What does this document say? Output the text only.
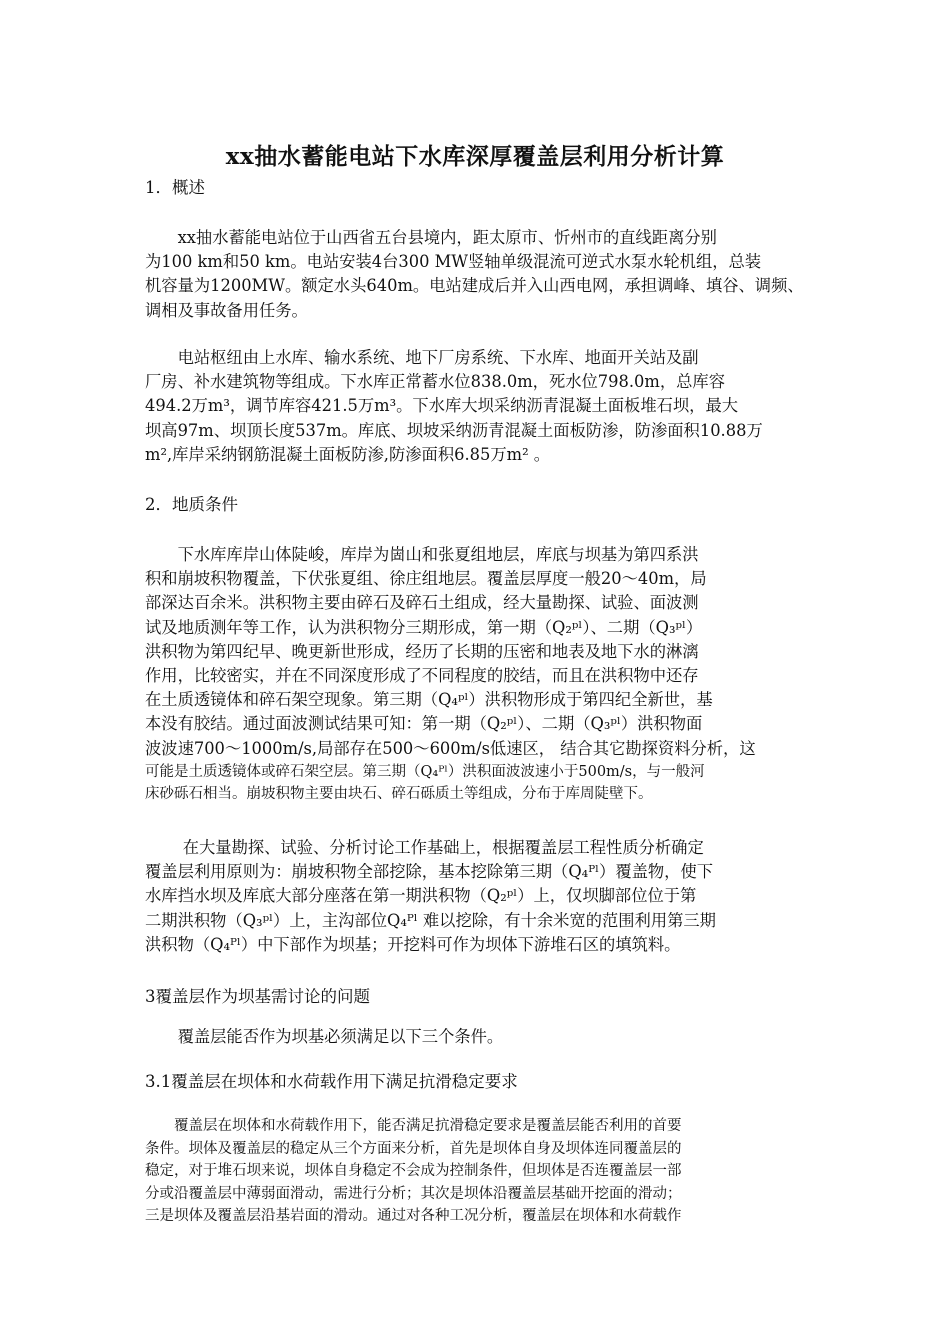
xx抽水蓄能电站下水库深厚覆盖层利用分析计算
1．概述
　　xx抽水蓄能电站位于山西省五台县境内，距太原市、忻州市的直线距离分别
为100 km和50 km。电站安装4台300 MW竖轴单级混流可逆式水泵水轮机组，总装
机容量为1200MW。额定水头640m。电站建成后并入山西电网，承担调峰、填谷、调频、
调相及事故备用任务。
　　电站枢纽由上水库、输水系统、地下厂房系统、下水库、地面开关站及副
厂房、补水建筑物等组成。下水库正常蓄水位838.0m，死水位798.0m，总库容
494.2万m³，调节库容421.5万m³。下水库大坝采纳沥青混凝土面板堆石坝，最大
坝高97m、坝顶长度537m。库底、坝坡采纳沥青混凝土面板防渗，防渗面积10.88万
m²,库岸采纳钢筋混凝土面板防渗,防渗面积6.85万m² 。
2．地质条件
　　下水库库岸山体陡峻，库岸为崮山和张夏组地层，库底与坝基为第四系洪
积和崩坡积物覆盖，下伏张夏组、徐庄组地层。覆盖层厚度一般20～40m，局
部深达百余米。洪积物主要由碎石及碎石土组成，经大量勘探、试验、面波测
试及地质测年等工作，认为洪积物分三期形成，第一期（Q₂ᵖˡ）、二期（Q₃ᵖˡ）
洪积物为第四纪早、晚更新世形成，经历了长期的压密和地表及地下水的淋漓
作用，比较密实，并在不同深度形成了不同程度的胶结，而且在洪积物中还存
在土质透镜体和碎石架空现象。第三期（Q₄ᵖˡ）洪积物形成于第四纪全新世，基
本没有胶结。通过面波测试结果可知：第一期（Q₂ᵖˡ）、二期（Q₃ᵖˡ）洪积物面
波波速700～1000m/s,局部存在500～600m/s低速区， 结合其它勘探资料分析，这
可能是土质透镜体或碎石架空层。第三期（Q₄ᴾˡ）洪积面波波速小于500m/s，与一般河
床砂砾石相当。崩坡积物主要由块石、碎石砾质土等组成，分布于库周陡壁下。
　　 在大量勘探、试验、分析讨论工作基础上，根据覆盖层工程性质分析确定
覆盖层利用原则为：崩坡积物全部挖除，基本挖除第三期（Q₄ᴾˡ）覆盖物，使下
水库挡水坝及库底大部分座落在第一期洪积物（Q₂ᵖˡ）上，仅坝脚部位位于第
二期洪积物（Q₃ᵖˡ）上，主沟部位Q₄ᴾˡ 难以挖除，有十余米宽的范围利用第三期
洪积物（Q₄ᴾˡ）中下部作为坝基；开挖料可作为坝体下游堆石区的填筑料。
3覆盖层作为坝基需讨论的问题
　　覆盖层能否作为坝基必须满足以下三个条件。
3.1覆盖层在坝体和水荷载作用下满足抗滑稳定要求
　　覆盖层在坝体和水荷载作用下，能否满足抗滑稳定要求是覆盖层能否利用的首要
条件。坝体及覆盖层的稳定从三个方面来分析，首先是坝体自身及坝体连同覆盖层的
稳定，对于堆石坝来说，坝体自身稳定不会成为控制条件，但坝体是否连覆盖层一部
分或沿覆盖层中薄弱面滑动，需进行分析；其次是坝体沿覆盖层基础开挖面的滑动；
三是坝体及覆盖层沿基岩面的滑动。通过对各种工况分析，覆盖层在坝体和水荷载作
